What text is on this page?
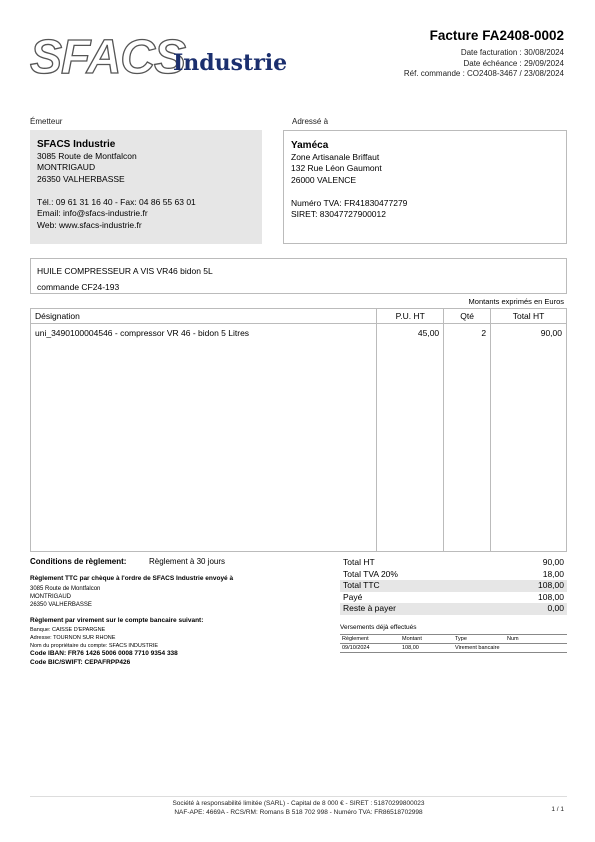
SFACS
Industrie
Facture FA2408-0002
Date facturation : 30/08/2024
Date échéance : 29/09/2024
Réf. commande : CO2408-3467 / 23/08/2024
Émetteur	Adressé à
SFACS Industrie
3085 Route de Montfalcon
MONTRIGAUD
26350 VALHERBASSE
Tél.: 09 61 31 16 40 - Fax: 04 86 55 63 01
Email: info@sfacs-industrie.fr
Web: www.sfacs-industrie.fr
Yaméca
Zone Artisanale Briffaut
132 Rue Léon Gaumont
26000 VALENCE
Numéro TVA: FR41830477279
SIRET: 83047727900012
HUILE COMPRESSEUR A VIS VR46 bidon 5L
commande CF24-193
Montants exprimés en Euros
Désignation	P.U. HT	Qté	Total HT
uni_3490100004546 - compressor VR 46 - bidon 5 Litres	45,00	2	90,00

Conditions de règlement:	Règlement à 30 jours
Règlement TTC par chèque à l'ordre de SFACS Industrie envoyé à
3085 Route de Montfalcon
MONTRIGAUD
26350 VALHERBASSE
Règlement par virement sur le compte bancaire suivant:
Banque: CAISSE D'EPARGNE
Adresse: TOURNON SUR RHONE
Nom du propriétaire du compte: SFACS INDUSTRIE
Code IBAN: FR76 1426 5006 0008 7710 9354 338
Code BIC/SWIFT: CEPAFRPP426
Total HT	90,00
Total TVA 20%	18,00
Total TTC	108,00
Payé	108,00
Reste à payer	0,00
Versements déjà effectués
Règlement	Montant	Type	Num
09/10/2024	108,00	Virement bancaire	
Société à responsabilité limitée (SARL) - Capital de 8 000 € - SIRET : 51870299800023
NAF-APE: 4669A - RCS/RM: Romans B 518 702 998 - Numéro TVA: FR86518702998	1 / 1
